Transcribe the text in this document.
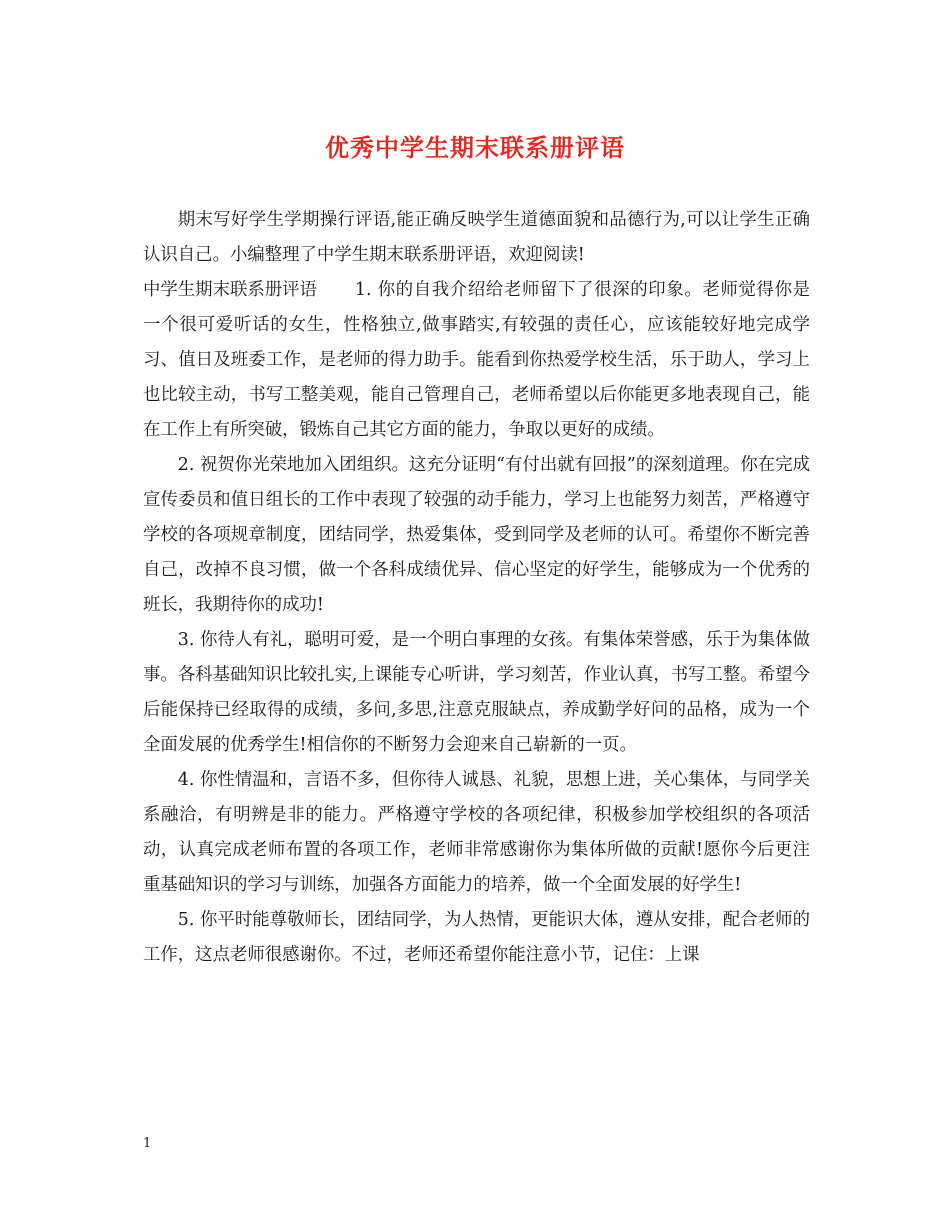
优秀中学生期末联系册评语

期末写好学生学期操行评语,能正确反映学生道德面貌和品德行为,可以让学生正确认识自己。小编整理了中学生期末联系册评语，欢迎阅读!

中学生期末联系册评语 1. 你的自我介绍给老师留下了很深的印象。老师觉得你是一个很可爱听话的女生，性格独立,做事踏实,有较强的责任心，应该能较好地完成学习、值日及班委工作，是老师的得力助手。能看到你热爱学校生活，乐于助人，学习上也比较主动，书写工整美观，能自己管理自己，老师希望以后你能更多地表现自己，能在工作上有所突破，锻炼自己其它方面的能力，争取以更好的成绩。

2. 祝贺你光荣地加入团组织。这充分证明“有付出就有回报”的深刻道理。你在完成宣传委员和值日组长的工作中表现了较强的动手能力，学习上也能努力刻苦，严格遵守学校的各项规章制度，团结同学，热爱集体，受到同学及老师的认可。希望你不断完善自己，改掉不良习惯，做一个各科成绩优异、信心坚定的好学生，能够成为一个优秀的班长，我期待你的成功!

3. 你待人有礼，聪明可爱，是一个明白事理的女孩。有集体荣誉感，乐于为集体做事。各科基础知识比较扎实,上课能专心听讲，学习刻苦，作业认真，书写工整。希望今后能保持已经取得的成绩，多问,多思,注意克服缺点，养成勤学好问的品格，成为一个全面发展的优秀学生!相信你的不断努力会迎来自己崭新的一页。

4. 你性情温和，言语不多，但你待人诚恳、礼貌，思想上进，关心集体，与同学关系融洽，有明辨是非的能力。严格遵守学校的各项纪律，积极参加学校组织的各项活动，认真完成老师布置的各项工作，老师非常感谢你为集体所做的贡献!愿你今后更注重基础知识的学习与训练，加强各方面能力的培养，做一个全面发展的好学生!

5. 你平时能尊敬师长，团结同学，为人热情，更能识大体，遵从安排，配合老师的工作，这点老师很感谢你。不过，老师还希望你能注意小节，记住：上课

1
